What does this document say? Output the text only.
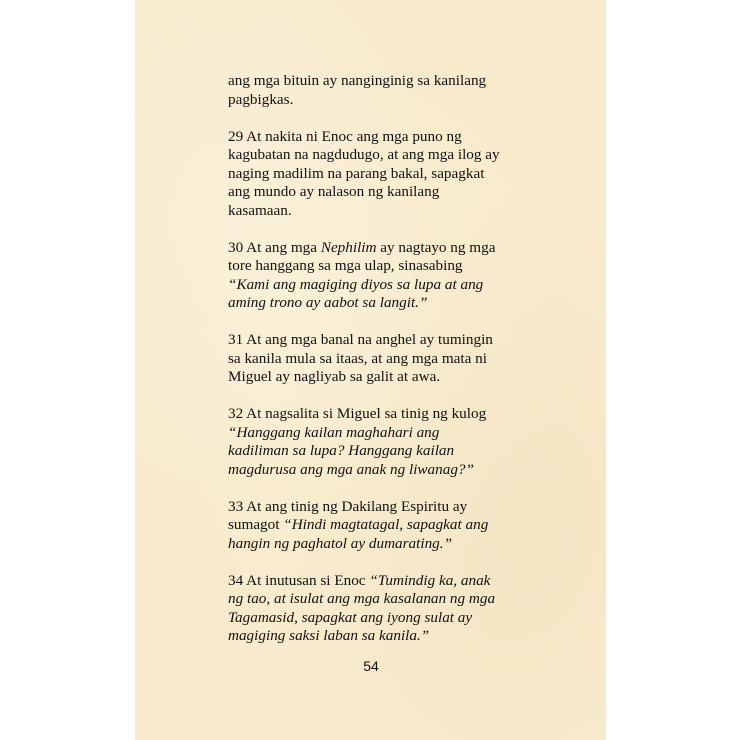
ang mga bituin ay nanginginig sa kanilang
pagbigkas.
29 At nakita ni Enoc ang mga puno ng
kagubatan na nagdudugo, at ang mga ilog ay
naging madilim na parang bakal, sapagkat
ang mundo ay nalason ng kanilang
kasamaan.
30 At ang mga Nephilim ay nagtayo ng mga
tore hanggang sa mga ulap, sinasabing
“Kami ang magiging diyos sa lupa at ang
aming trono ay aabot sa langit.”
31 At ang mga banal na anghel ay tumingin
sa kanila mula sa itaas, at ang mga mata ni
Miguel ay nagliyab sa galit at awa.
32 At nagsalita si Miguel sa tinig ng kulog
“Hanggang kailan maghahari ang
kadiliman sa lupa? Hanggang kailan
magdurusa ang mga anak ng liwanag?”
33 At ang tinig ng Dakilang Espiritu ay
sumagot “Hindi magtatagal, sapagkat ang
hangin ng paghatol ay dumarating.”
34 At inutusan si Enoc “Tumindig ka, anak
ng tao, at isulat ang mga kasalanan ng mga
Tagamasid, sapagkat ang iyong sulat ay
magiging saksi laban sa kanila.”
54
